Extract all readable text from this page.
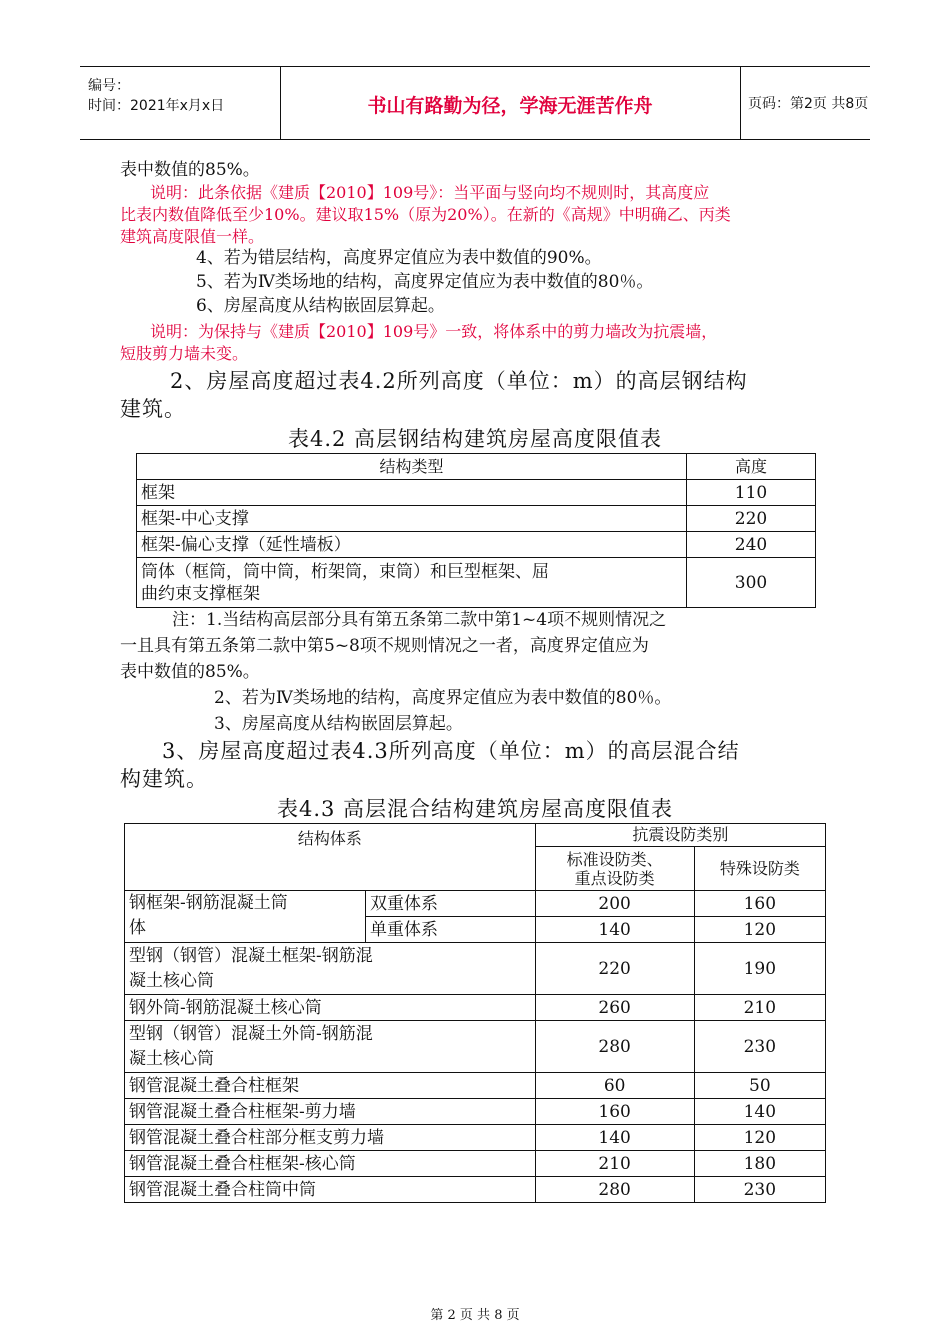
编号：
时间：2021年x月x日	书山有路勤为径，学海无涯苦作舟	页码：第2页 共8页
表中数值的85%。
说明：此条依据《建质【2010】109号》：当平面与竖向均不规则时，其高度应
比表内数值降低至少10%。建议取15%（原为20%）。在新的《高规》中明确乙、丙类
建筑高度限值一样。
4、若为错层结构，高度界定值应为表中数值的90%。
5、若为Ⅳ类场地的结构，高度界定值应为表中数值的80％。
6、房屋高度从结构嵌固层算起。
说明：为保持与《建质【2010】109号》一致，将体系中的剪力墙改为抗震墙，
短肢剪力墙未变。
2、房屋高度超过表4.2所列高度（单位：m）的高层钢结构
建筑。
表4.2 高层钢结构建筑房屋高度限值表
结构类型	高度
框架	110
框架-中心支撑	220
框架-偏心支撑（延性墙板）	240

筒体（框筒，筒中筒，桁架筒，束筒）和巨型框架、屈
曲约束支撑框架	300
注：1.当结构高层部分具有第五条第二款中第1~4项不规则情况之
一且具有第五条第二款中第5~8项不规则情况之一者，高度界定值应为
表中数值的85%。
2、若为Ⅳ类场地的结构，高度界定值应为表中数值的80％。
3、房屋高度从结构嵌固层算起。
3、房屋高度超过表4.3所列高度（单位：m）的高层混合结
构建筑。
表4.3 高层混合结构建筑房屋高度限值表
结构体系		抗震设防类别	

		标准设防类、
重点设防类	特殊设防类

钢框架-钢筋混凝土筒
体	双重体系	200	160
	单重体系	140	120

型钢（钢管）混凝土框架-钢筋混
凝土核心筒		220	190
钢外筒-钢筋混凝土核心筒		260	210

型钢（钢管）混凝土外筒-钢筋混
凝土核心筒		280	230
钢管混凝土叠合柱框架		60	50
钢管混凝土叠合柱框架-剪力墙		160	140
钢管混凝土叠合柱部分框支剪力墙		140	120
钢管混凝土叠合柱框架-核心筒		210	180
钢管混凝土叠合柱筒中筒		280	230
第 2 页 共 8 页
